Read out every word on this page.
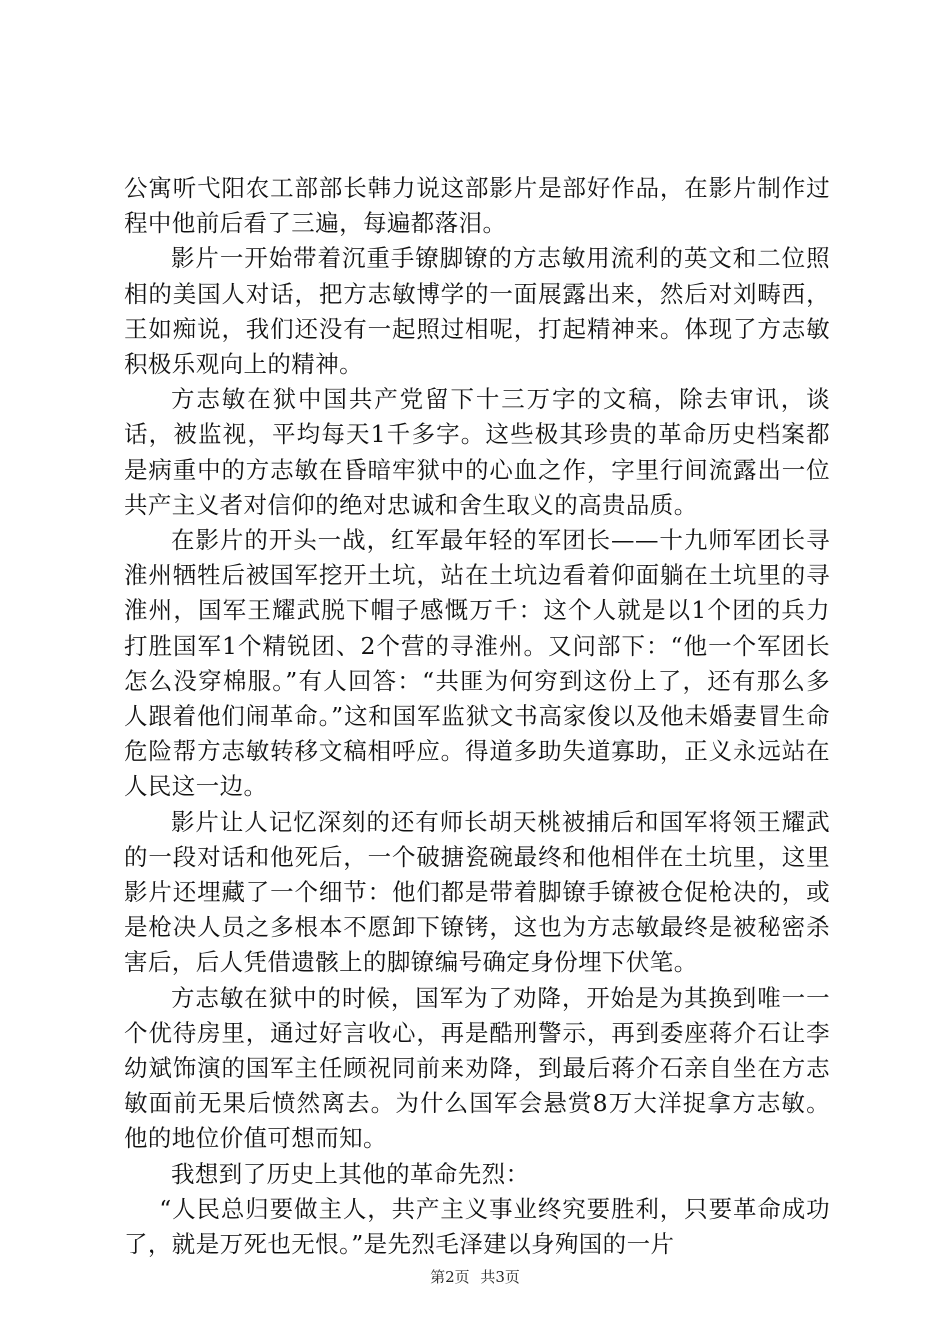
公寓听弋阳农工部部长韩力说这部影片是部好作品，在影片制作过程中他前后看了三遍，每遍都落泪。

影片一开始带着沉重手镣脚镣的方志敏用流利的英文和二位照相的美国人对话，把方志敏博学的一面展露出来，然后对刘畴西，王如痴说，我们还没有一起照过相呢，打起精神来。体现了方志敏积极乐观向上的精神。

方志敏在狱中国共产党留下十三万字的文稿，除去审讯，谈话，被监视，平均每天1千多字。这些极其珍贵的革命历史档案都是病重中的方志敏在昏暗牢狱中的心血之作，字里行间流露出一位共产主义者对信仰的绝对忠诚和舍生取义的高贵品质。

在影片的开头一战，红军最年轻的军团长——十九师军团长寻淮州牺牲后被国军挖开土坑，站在土坑边看着仰面躺在土坑里的寻淮州，国军王耀武脱下帽子感慨万千：这个人就是以1个团的兵力打胜国军1个精锐团、2个营的寻淮州。又问部下：“他一个军团长怎么没穿棉服。”有人回答：“共匪为何穷到这份上了，还有那么多人跟着他们闹革命。”这和国军监狱文书高家俊以及他未婚妻冒生命危险帮方志敏转移文稿相呼应。得道多助失道寡助，正义永远站在人民这一边。

影片让人记忆深刻的还有师长胡天桃被捕后和国军将领王耀武的一段对话和他死后，一个破搪瓷碗最终和他相伴在土坑里，这里影片还埋藏了一个细节：他们都是带着脚镣手镣被仓促枪决的，或是枪决人员之多根本不愿卸下镣铐，这也为方志敏最终是被秘密杀害后，后人凭借遗骸上的脚镣编号确定身份埋下伏笔。

方志敏在狱中的时候，国军为了劝降，开始是为其换到唯一一个优待房里，通过好言收心，再是酷刑警示，再到委座蒋介石让李幼斌饰演的国军主任顾祝同前来劝降，到最后蒋介石亲自坐在方志敏面前无果后愤然离去。为什么国军会悬赏8万大洋捉拿方志敏。他的地位价值可想而知。

我想到了历史上其他的革命先烈：

“人民总归要做主人，共产主义事业终究要胜利，只要革命成功了，就是万死也无恨。”是先烈毛泽建以身殉国的一片

第2页 共3页
